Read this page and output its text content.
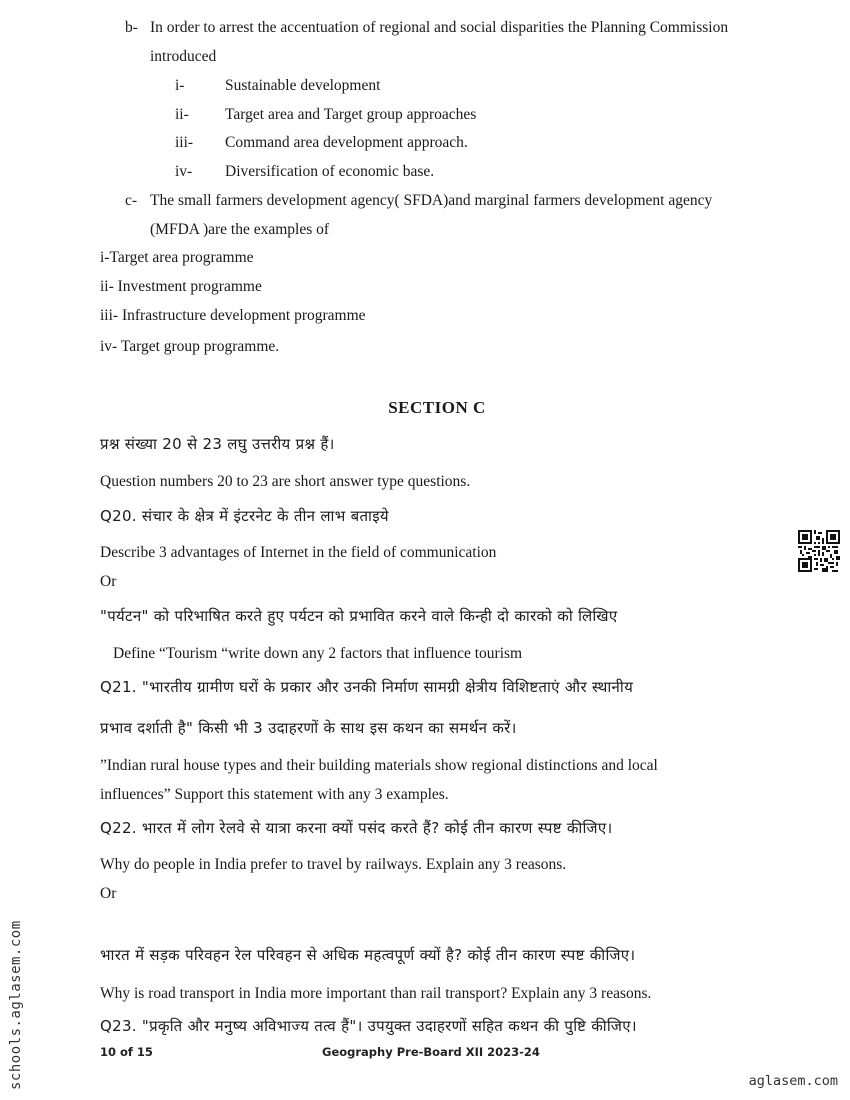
b- In order to arrest the accentuation of regional and social disparities the Planning Commission
introduced
i-	Sustainable development
ii- Target area and Target group approaches
iii- Command area development approach.
iv- Diversification of economic base.
c- The small farmers development agency( SFDA)and marginal farmers development agency
(MFDA )are the examples of
i-Target area programme
ii- Investment programme
iii- Infrastructure development programme
iv- Target group programme.
SECTION C
प्रश्न संख्या 20 से 23 लघु उत्तरीय प्रश्न हैं।
Question numbers 20 to 23 are short answer type questions.
Q20. संचार के क्षेत्र में इंटरनेट के तीन लाभ बताइये
Describe 3 advantages of Internet in the field of communication
Or
"पर्यटन" को परिभाषित करते हुए पर्यटन को प्रभावित करने वाले किन्ही दो कारको को लिखिए
Define “Tourism “write down any 2 factors that influence tourism
Q21. "भारतीय ग्रामीण घरों के प्रकार और उनकी निर्माण सामग्री क्षेत्रीय विशिष्टताएं और स्थानीय
प्रभाव दर्शाती है" किसी भी 3 उदाहरणों के साथ इस कथन का समर्थन करें।
”Indian rural house types and their building materials show regional distinctions and local
influences” Support this statement with any 3 examples.
Q22. भारत में लोग रेलवे से यात्रा करना क्यों पसंद करते हैं? कोई तीन कारण स्पष्ट कीजिए।
Why do people in India prefer to travel by railways. Explain any 3 reasons.
Or
भारत में सड़क परिवहन रेल परिवहन से अधिक महत्वपूर्ण क्यों है? कोई तीन कारण स्पष्ट कीजिए।
Why is road transport in India more important than rail transport? Explain any 3 reasons.
Q23. "प्रकृति और मनुष्य अविभाज्य तत्व हैं"। उपयुक्त उदाहरणों सहित कथन की पुष्टि कीजिए।
10 of 15	Geography Pre-Board XII 2023-24
schools.aglasem.com	aglasem.com
